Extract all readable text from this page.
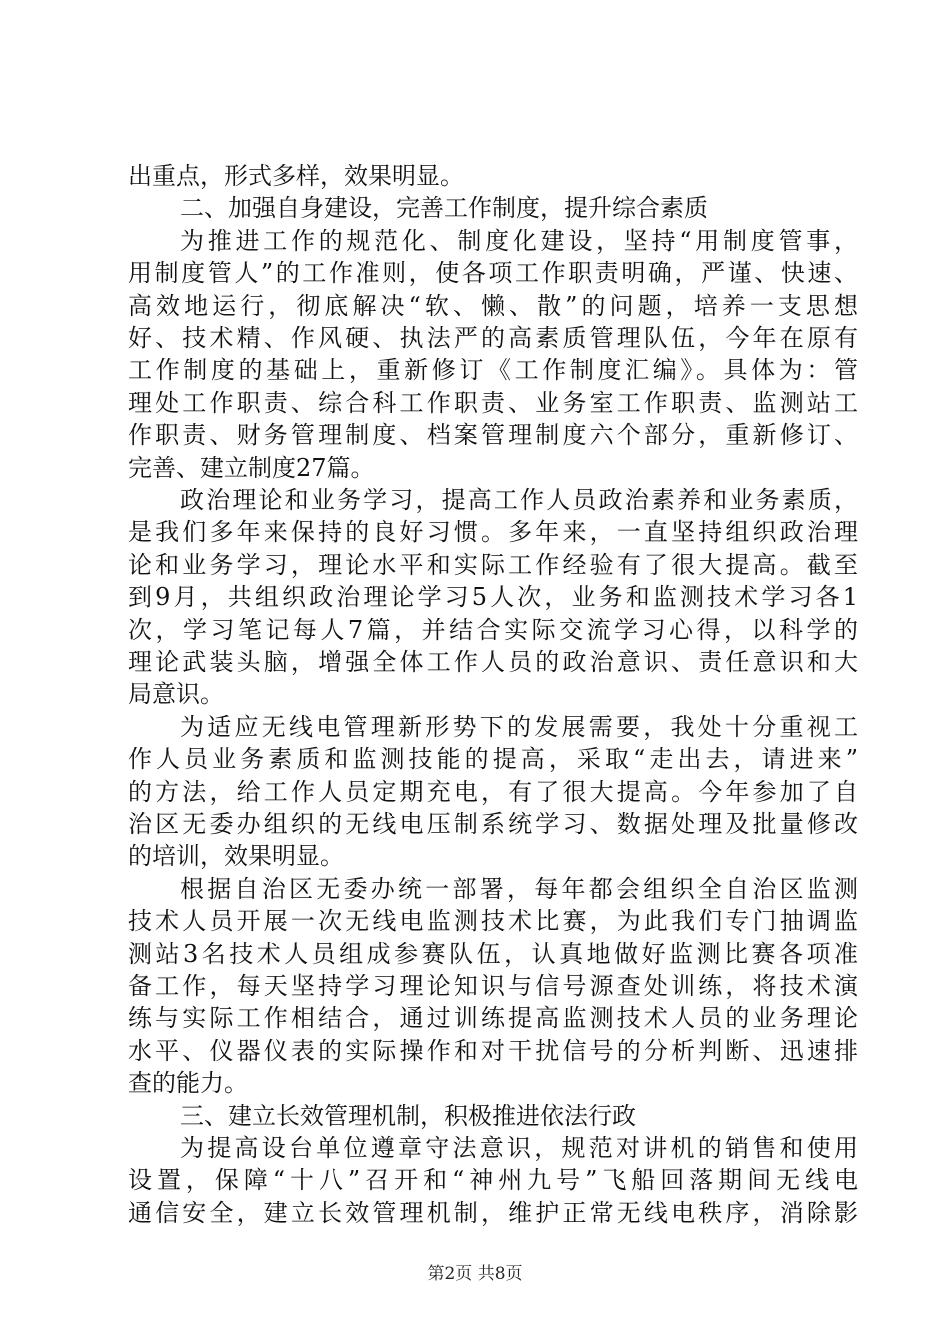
出重点，形式多样，效果明显。
二、加强自身建设，完善工作制度，提升综合素质
为推进工作的规范化、制度化建设，坚持“用制度管事，
用制度管人”的工作准则，使各项工作职责明确，严谨、快速、
高效地运行，彻底解决“软、懒、散”的问题，培养一支思想
好、技术精、作风硬、执法严的高素质管理队伍，今年在原有
工作制度的基础上，重新修订《工作制度汇编》。具体为：管
理处工作职责、综合科工作职责、业务室工作职责、监测站工
作职责、财务管理制度、档案管理制度六个部分，重新修订、
完善、建立制度27篇。
政治理论和业务学习，提高工作人员政治素养和业务素质，
是我们多年来保持的良好习惯。多年来，一直坚持组织政治理
论和业务学习，理论水平和实际工作经验有了很大提高。截至
到9月，共组织政治理论学习5人次，业务和监测技术学习各1
次，学习笔记每人7篇，并结合实际交流学习心得，以科学的
理论武装头脑，增强全体工作人员的政治意识、责任意识和大
局意识。
为适应无线电管理新形势下的发展需要，我处十分重视工
作人员业务素质和监测技能的提高，采取“走出去，请进来”
的方法，给工作人员定期充电，有了很大提高。今年参加了自
治区无委办组织的无线电压制系统学习、数据处理及批量修改
的培训，效果明显。
根据自治区无委办统一部署，每年都会组织全自治区监测
技术人员开展一次无线电监测技术比赛，为此我们专门抽调监
测站3名技术人员组成参赛队伍，认真地做好监测比赛各项准
备工作，每天坚持学习理论知识与信号源查处训练，将技术演
练与实际工作相结合，通过训练提高监测技术人员的业务理论
水平、仪器仪表的实际操作和对干扰信号的分析判断、迅速排
查的能力。
三、建立长效管理机制，积极推进依法行政
为提高设台单位遵章守法意识，规范对讲机的销售和使用
设置，保障“十八”召开和“神州九号”飞船回落期间无线电
通信安全，建立长效管理机制，维护正常无线电秩序，消除影
第2页 共8页
